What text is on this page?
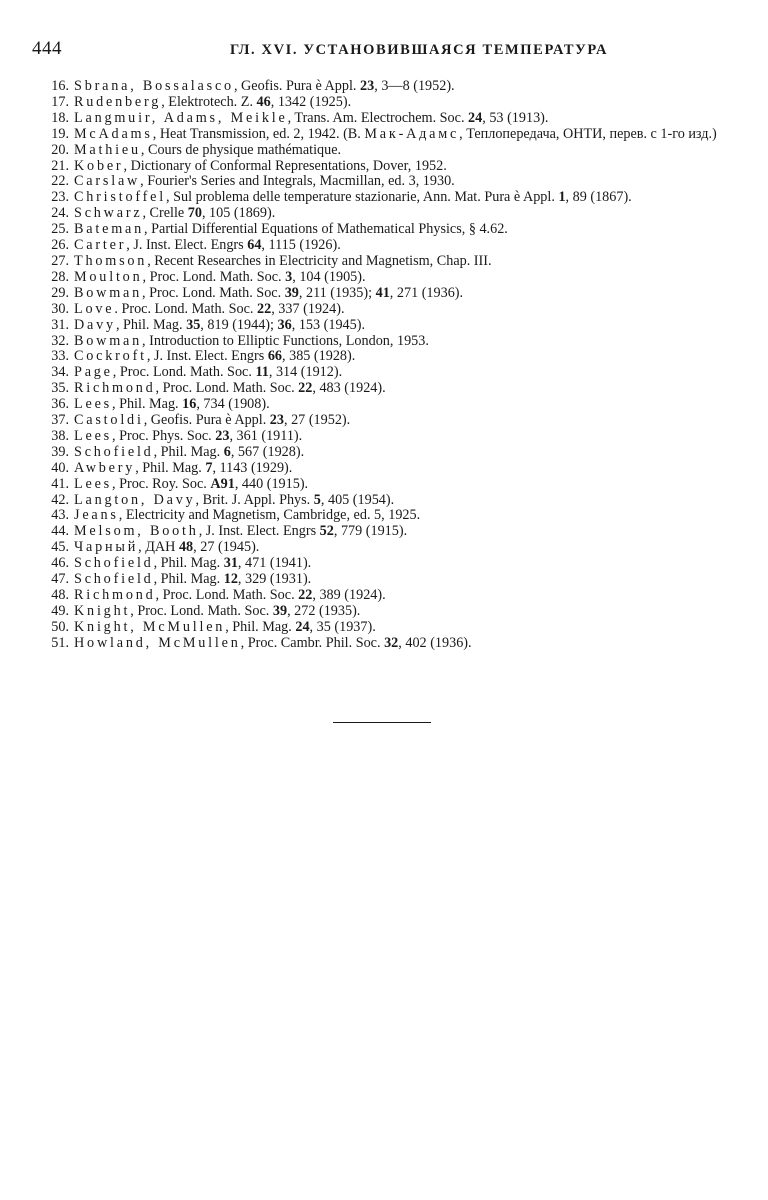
444	ГЛ. XVI. УСТАНОВИВШАЯСЯ ТЕМПЕРАТУРА
16. Sbrana, Bossalasco, Geofis. Pura è Appl. 23, 3—8 (1952).
17. Rudenberg, Elektrotech. Z. 46, 1342 (1925).
18. Langmuir, Adams, Meikle, Trans. Am. Electrochem. Soc. 24, 53 (1913).
19. McAdams, Heat Transmission, ed. 2, 1942. (В. Мак-Адамс, Теплопередача, ОНТИ, перев. с 1-го изд.)
20. Mathieu, Cours de physique mathématique.
21. Kober, Dictionary of Conformal Representations, Dover, 1952.
22. Carslaw, Fourier's Series and Integrals, Macmillan, ed. 3, 1930.
23. Christoffel, Sul problema delle temperature stazionarie, Ann. Mat. Pura è Appl. 1, 89 (1867).
24. Schwarz, Crelle 70, 105 (1869).
25. Bateman, Partial Differential Equations of Mathematical Physics, § 4.62.
26. Carter, J. Inst. Elect. Engrs 64, 1115 (1926).
27. Thomson, Recent Researches in Electricity and Magnetism, Chap. III.
28. Moulton, Proc. Lond. Math. Soc. 3, 104 (1905).
29. Bowman, Proc. Lond. Math. Soc. 39, 211 (1935); 41, 271 (1936).
30. Love. Proc. Lond. Math. Soc. 22, 337 (1924).
31. Davy, Phil. Mag. 35, 819 (1944); 36, 153 (1945).
32. Bowman, Introduction to Elliptic Functions, London, 1953.
33. Cockroft, J. Inst. Elect. Engrs 66, 385 (1928).
34. Page, Proc. Lond. Math. Soc. 11, 314 (1912).
35. Richmond, Proc. Lond. Math. Soc. 22, 483 (1924).
36. Lees, Phil. Mag. 16, 734 (1908).
37. Castoldi, Geofis. Pura è Appl. 23, 27 (1952).
38. Lees, Proc. Phys. Soc. 23, 361 (1911).
39. Schofield, Phil. Mag. 6, 567 (1928).
40. Awbery, Phil. Mag. 7, 1143 (1929).
41. Lees, Proc. Roy. Soc. A91, 440 (1915).
42. Langton, Davy, Brit. J. Appl. Phys. 5, 405 (1954).
43. Jeans, Electricity and Magnetism, Cambridge, ed. 5, 1925.
44. Melsom, Booth, J. Inst. Elect. Engrs 52, 779 (1915).
45. Чарный, ДАН 48, 27 (1945).
46. Schofield, Phil. Mag. 31, 471 (1941).
47. Schofield, Phil. Mag. 12, 329 (1931).
48. Richmond, Proc. Lond. Math. Soc. 22, 389 (1924).
49. Knight, Proc. Lond. Math. Soc. 39, 272 (1935).
50. Knight, McMullen, Phil. Mag. 24, 35 (1937).
51. Howland, McMullen, Proc. Cambr. Phil. Soc. 32, 402 (1936).
